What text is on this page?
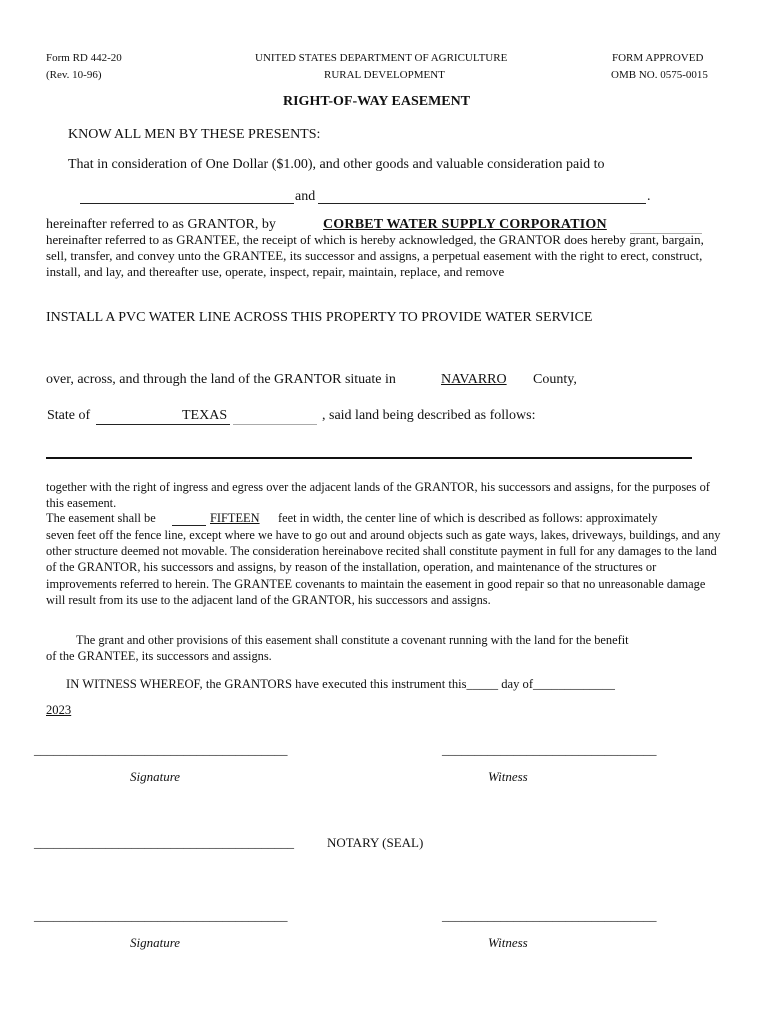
Form RD 442-20
(Rev. 10-96)
UNITED STATES DEPARTMENT OF AGRICULTURE
RURAL DEVELOPMENT
FORM APPROVED
OMB NO. 0575-0015
RIGHT-OF-WAY EASEMENT
KNOW ALL MEN BY THESE PRESENTS:
That in consideration of One Dollar ($1.00), and other goods and valuable consideration paid to
and	.
hereinafter referred to as GRANTOR, by	CORBET WATER SUPPLY CORPORATION
hereinafter referred to as GRANTEE, the receipt of which is hereby acknowledged, the GRANTOR does hereby grant, bargain, sell, transfer, and convey unto the GRANTEE, its successor and assigns, a perpetual easement with the right to erect, construct, install, and lay, and thereafter use, operate, inspect, repair, maintain, replace, and remove
INSTALL A PVC WATER LINE ACROSS THIS PROPERTY TO PROVIDE WATER SERVICE
over, across, and through the land of the GRANTOR situate in	NAVARRO County,
State of	TEXAS	, said land being described as follows:
together with the right of ingress and egress over the adjacent lands of the GRANTOR, his successors and assigns, for the purposes of this easement.
The easement shall be	FIFTEEN feet in width, the center line of which is described as follows: approximately
seven feet off the fence line, except where we have to go out and around objects such as gate ways, lakes, driveways, buildings, and any other structure deemed not movable. The consideration hereinabove recited shall constitute payment in full for any damages to the land of the GRANTOR, his successors and assigns, by reason of the installation, operation, and maintenance of the structures or improvements referred to herein. The GRANTEE covenants to maintain the easement in good repair so that no unreasonable damage will result from its use to the adjacent land of the GRANTOR, his successors and assigns.
The grant and other provisions of this easement shall constitute a covenant running with the land for the benefit
of the GRANTEE, its successors and assigns.
IN WITNESS WHEREOF, the GRANTORS have executed this instrument this_____ day of_____________
2023
_______________________________________
Signature
_________________________________
Witness
________________________________________	NOTARY (SEAL)
_______________________________________
Signature
_________________________________
Witness
